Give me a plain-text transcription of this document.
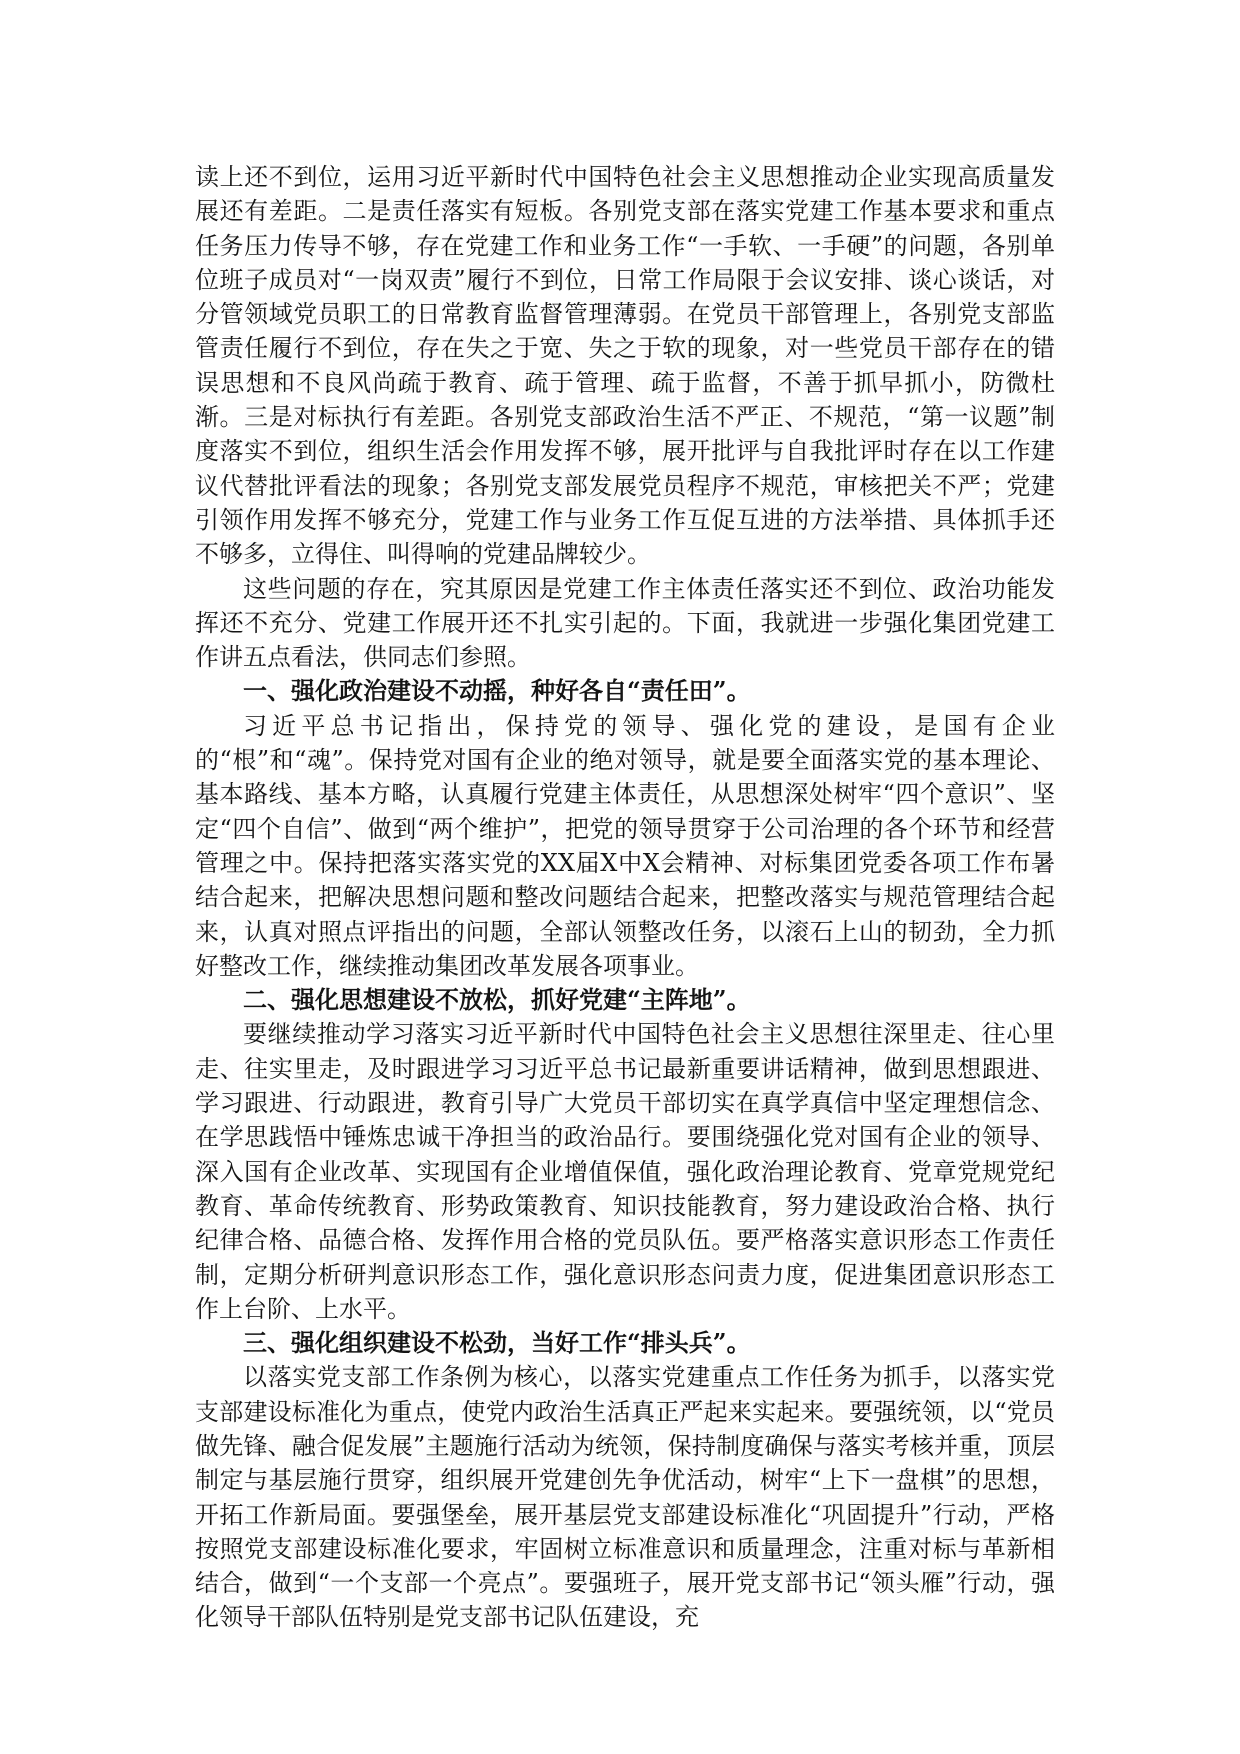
读上还不到位，运用习近平新时代中国特色社会主义思想推动企业实现高质量发展还有差距。二是责任落实有短板。各别党支部在落实党建工作基本要求和重点任务压力传导不够，存在党建工作和业务工作“一手软、一手硬”的问题，各别单位班子成员对“一岗双责”履行不到位，日常工作局限于会议安排、谈心谈话，对分管领域党员职工的日常教育监督管理薄弱。在党员干部管理上，各别党支部监管责任履行不到位，存在失之于宽、失之于软的现象，对一些党员干部存在的错误思想和不良风尚疏于教育、疏于管理、疏于监督，不善于抓早抓小，防微杜渐。三是对标执行有差距。各别党支部政治生活不严正、不规范，“第一议题”制度落实不到位，组织生活会作用发挥不够，展开批评与自我批评时存在以工作建议代替批评看法的现象；各别党支部发展党员程序不规范，审核把关不严；党建引领作用发挥不够充分，党建工作与业务工作互促互进的方法举措、具体抓手还不够多，立得住、叫得响的党建品牌较少。

这些问题的存在，究其原因是党建工作主体责任落实还不到位、政治功能发挥还不充分、党建工作展开还不扎实引起的。下面，我就进一步强化集团党建工作讲五点看法，供同志们参照。

一、强化政治建设不动摇，种好各自“责任田”。

习近平总书记指出，保持党的领导、强化党的建设，是国有企业的“根”和“魂”。保持党对国有企业的绝对领导，就是要全面落实党的基本理论、基本路线、基本方略，认真履行党建主体责任，从思想深处树牢“四个意识”、坚定“四个自信”、做到“两个维护”，把党的领导贯穿于公司治理的各个环节和经营管理之中。保持把落实落实党的XX届X中X会精神、对标集团党委各项工作布暑结合起来，把解决思想问题和整改问题结合起来，把整改落实与规范管理结合起来，认真对照点评指出的问题，全部认领整改任务，以滚石上山的韧劲，全力抓好整改工作，继续推动集团改革发展各项事业。

二、强化思想建设不放松，抓好党建“主阵地”。

要继续推动学习落实习近平新时代中国特色社会主义思想往深里走、往心里走、往实里走，及时跟进学习习近平总书记最新重要讲话精神，做到思想跟进、学习跟进、行动跟进，教育引导广大党员干部切实在真学真信中坚定理想信念、在学思践悟中锤炼忠诚干净担当的政治品行。要围绕强化党对国有企业的领导、深入国有企业改革、实现国有企业增值保值，强化政治理论教育、党章党规党纪教育、革命传统教育、形势政策教育、知识技能教育，努力建设政治合格、执行纪律合格、品德合格、发挥作用合格的党员队伍。要严格落实意识形态工作责任制，定期分析研判意识形态工作，强化意识形态问责力度，促进集团意识形态工作上台阶、上水平。

三、强化组织建设不松劲，当好工作“排头兵”。

以落实党支部工作条例为核心，以落实党建重点工作任务为抓手，以落实党支部建设标准化为重点，使党内政治生活真正严起来实起来。要强统领，以“党员做先锋、融合促发展”主题施行活动为统领，保持制度确保与落实考核并重，顶层制定与基层施行贯穿，组织展开党建创先争优活动，树牢“上下一盘棋”的思想，开拓工作新局面。要强堡垒，展开基层党支部建设标准化“巩固提升”行动，严格按照党支部建设标准化要求，牢固树立标准意识和质量理念，注重对标与革新相结合，做到“一个支部一个亮点”。要强班子，展开党支部书记“领头雁”行动，强化领导干部队伍特别是党支部书记队伍建设，充
